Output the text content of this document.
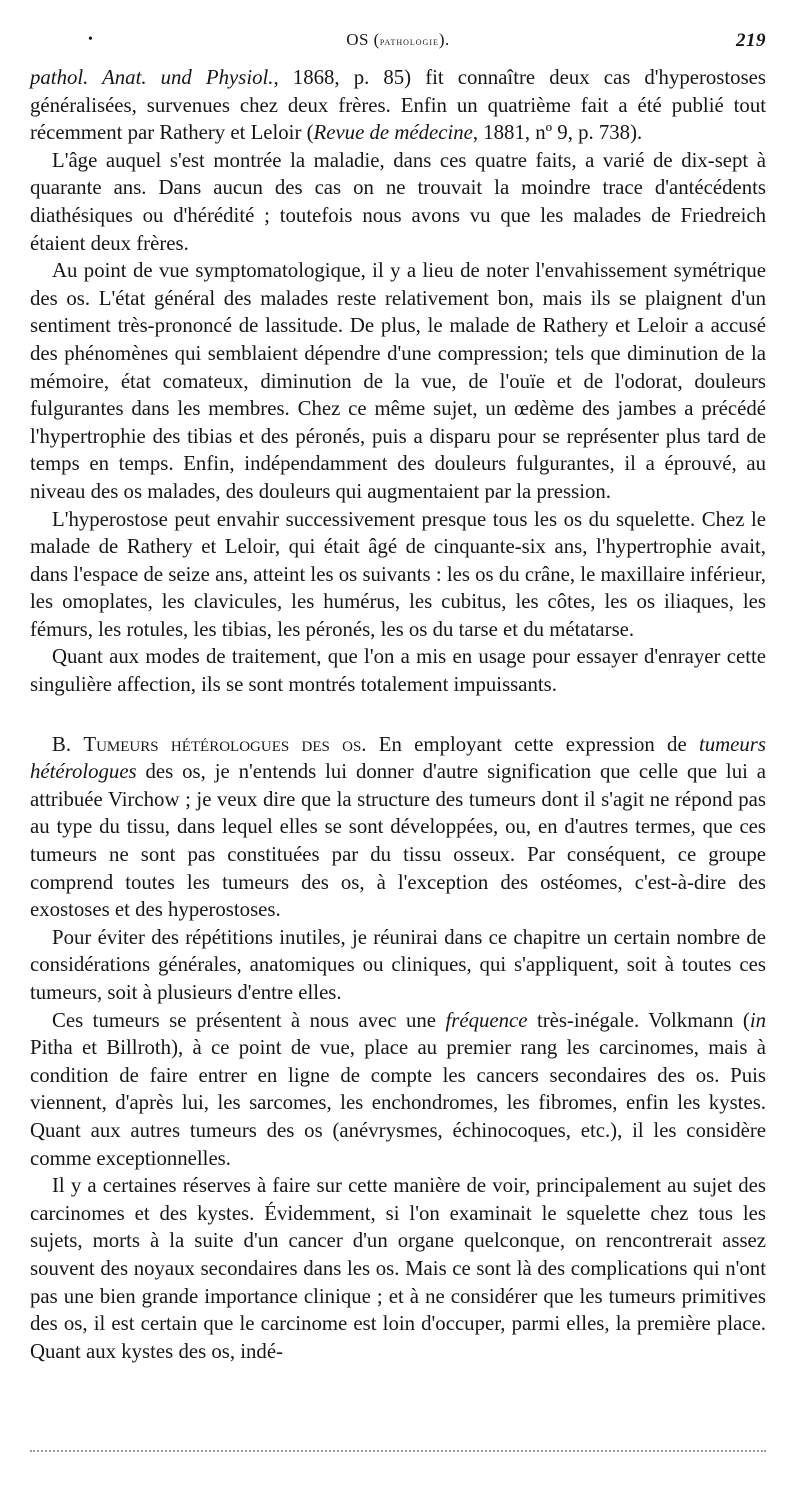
•	OS (pathologie).	219

pathol. Anat. und Physiol., 1868, p. 85) fit connaître deux cas d'hyperostoses généralisées, survenues chez deux frères. Enfin un quatrième fait a été publié tout récemment par Rathery et Leloir (Revue de médecine, 1881, nº 9, p. 738).

L'âge auquel s'est montrée la maladie, dans ces quatre faits, a varié de dix-sept à quarante ans. Dans aucun des cas on ne trouvait la moindre trace d'antécédents diathésiques ou d'hérédité ; toutefois nous avons vu que les malades de Friedreich étaient deux frères.

Au point de vue symptomatologique, il y a lieu de noter l'envahissement symétrique des os. L'état général des malades reste relativement bon, mais ils se plaignent d'un sentiment très-prononcé de lassitude. De plus, le malade de Rathery et Leloir a accusé des phénomènes qui semblaient dépendre d'une compression; tels que diminution de la mémoire, état comateux, diminution de la vue, de l'ouïe et de l'odorat, douleurs fulgurantes dans les membres. Chez ce même sujet, un œdème des jambes a précédé l'hypertrophie des tibias et des péronés, puis a disparu pour se représenter plus tard de temps en temps. Enfin, indépendamment des douleurs fulgurantes, il a éprouvé, au niveau des os malades, des douleurs qui augmentaient par la pression.

L'hyperostose peut envahir successivement presque tous les os du squelette. Chez le malade de Rathery et Leloir, qui était âgé de cinquante-six ans, l'hypertrophie avait, dans l'espace de seize ans, atteint les os suivants : les os du crâne, le maxillaire inférieur, les omoplates, les clavicules, les humérus, les cubitus, les côtes, les os iliaques, les fémurs, les rotules, les tibias, les péronés, les os du tarse et du métatarse.

Quant aux modes de traitement, que l'on a mis en usage pour essayer d'enrayer cette singulière affection, ils se sont montrés totalement impuissants.

B. Tumeurs hétérologues des os. En employant cette expression de tumeurs hétérologues des os, je n'entends lui donner d'autre signification que celle que lui a attribuée Virchow ; je veux dire que la structure des tumeurs dont il s'agit ne répond pas au type du tissu, dans lequel elles se sont développées, ou, en d'autres termes, que ces tumeurs ne sont pas constituées par du tissu osseux. Par conséquent, ce groupe comprend toutes les tumeurs des os, à l'exception des ostéomes, c'est-à-dire des exostoses et des hyperostoses.

Pour éviter des répétitions inutiles, je réunirai dans ce chapitre un certain nombre de considérations générales, anatomiques ou cliniques, qui s'appliquent, soit à toutes ces tumeurs, soit à plusieurs d'entre elles.

Ces tumeurs se présentent à nous avec une fréquence très-inégale. Volkmann (in Pitha et Billroth), à ce point de vue, place au premier rang les carcinomes, mais à condition de faire entrer en ligne de compte les cancers secondaires des os. Puis viennent, d'après lui, les sarcomes, les enchondromes, les fibromes, enfin les kystes. Quant aux autres tumeurs des os (anévrysmes, échinocoques, etc.), il les considère comme exceptionnelles.

Il y a certaines réserves à faire sur cette manière de voir, principalement au sujet des carcinomes et des kystes. Évidemment, si l'on examinait le squelette chez tous les sujets, morts à la suite d'un cancer d'un organe quelconque, on rencontrerait assez souvent des noyaux secondaires dans les os. Mais ce sont là des complications qui n'ont pas une bien grande importance clinique ; et à ne considérer que les tumeurs primitives des os, il est certain que le carcinome est loin d'occuper, parmi elles, la première place. Quant aux kystes des os, indé-
